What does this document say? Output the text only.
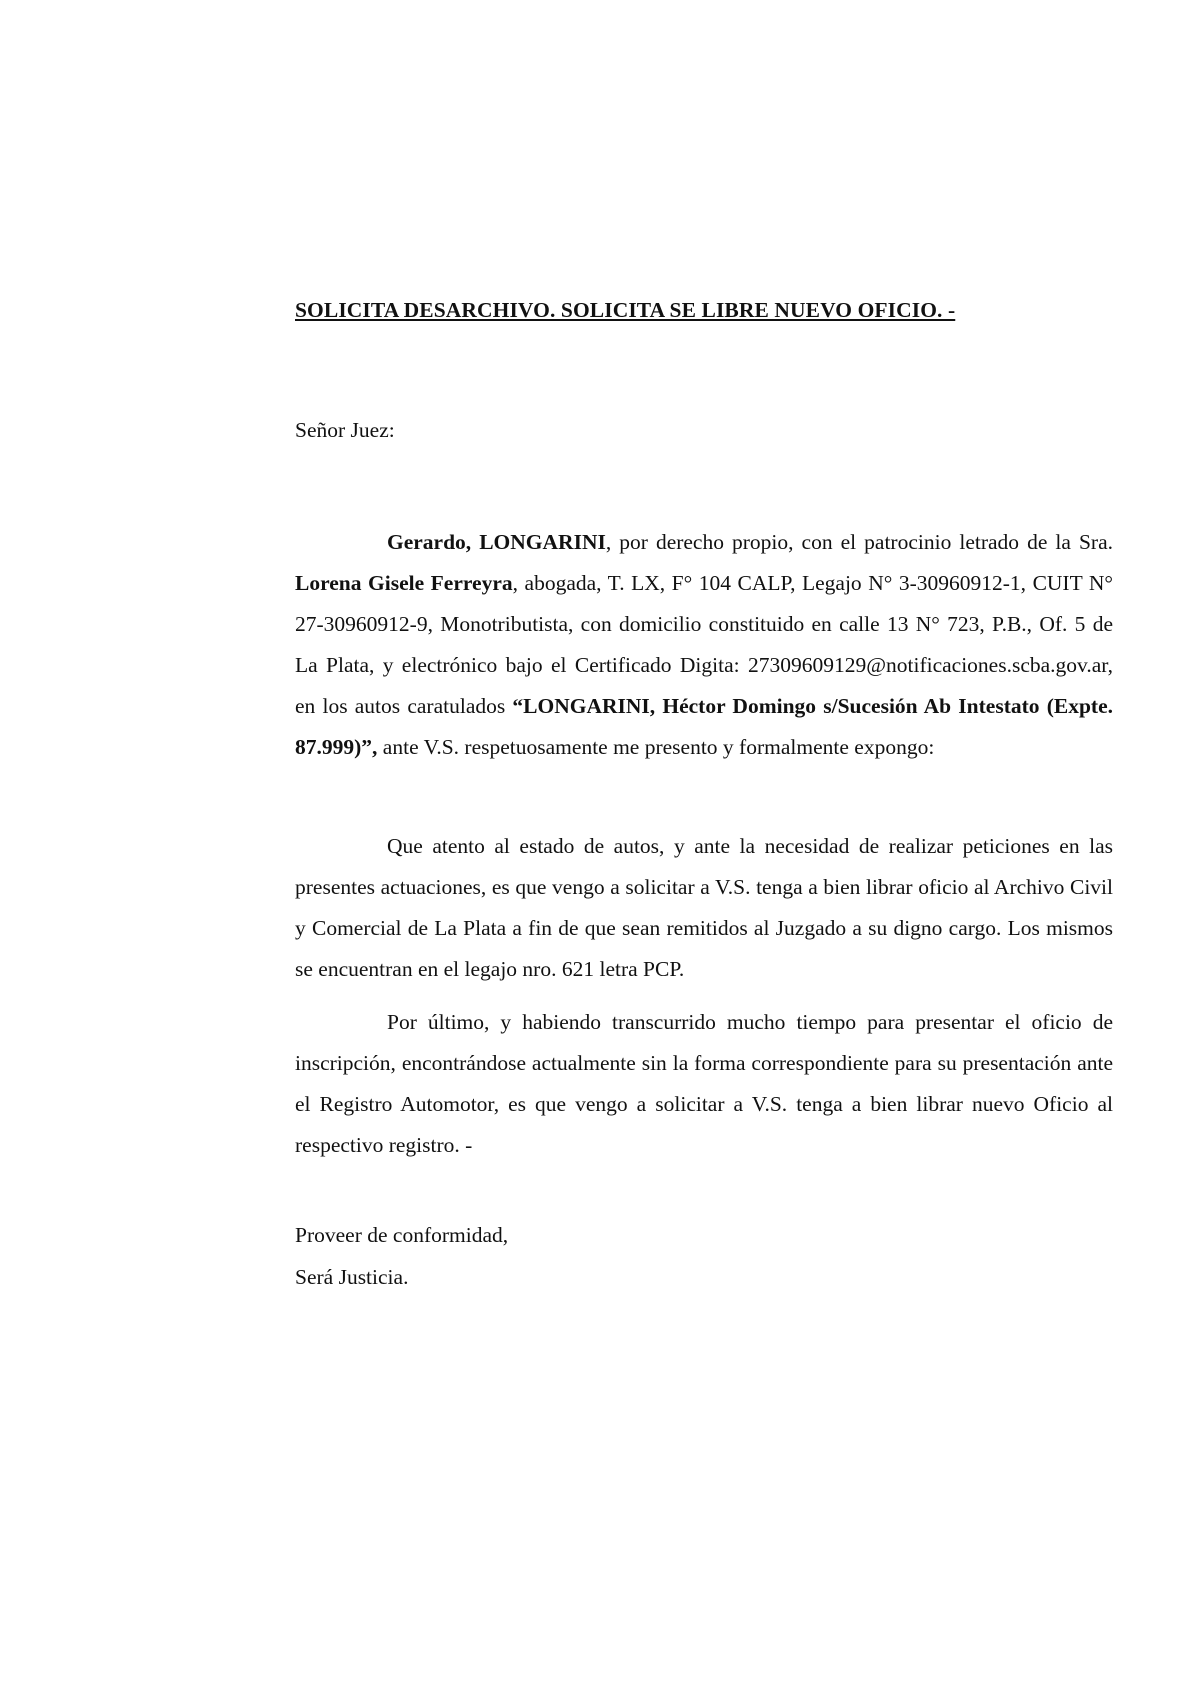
SOLICITA DESARCHIVO. SOLICITA SE LIBRE NUEVO OFICIO. -

Señor Juez:

Gerardo, LONGARINI, por derecho propio, con el patrocinio letrado de la Sra. Lorena Gisele Ferreyra, abogada, T. LX, F° 104 CALP, Legajo N° 3-30960912-1, CUIT N° 27-30960912-9, Monotributista, con domicilio constituido en calle 13 N° 723, P.B., Of. 5 de La Plata, y electrónico bajo el Certificado Digita: 27309609129@notificaciones.scba.gov.ar, en los autos caratulados “LONGARINI, Héctor Domingo s/Sucesión Ab Intestato (Expte. 87.999)”, ante V.S. respetuosamente me presento y formalmente expongo:

Que atento al estado de autos, y ante la necesidad de realizar peticiones en las presentes actuaciones, es que vengo a solicitar a V.S. tenga a bien librar oficio al Archivo Civil y Comercial de La Plata a fin de que sean remitidos al Juzgado a su digno cargo. Los mismos se encuentran en el legajo nro. 621 letra PCP.

Por último, y habiendo transcurrido mucho tiempo para presentar el oficio de inscripción, encontrándose actualmente sin la forma correspondiente para su presentación ante el Registro Automotor, es que vengo a solicitar a V.S. tenga a bien librar nuevo Oficio al respectivo registro. -

Proveer de conformidad,
Será Justicia.
